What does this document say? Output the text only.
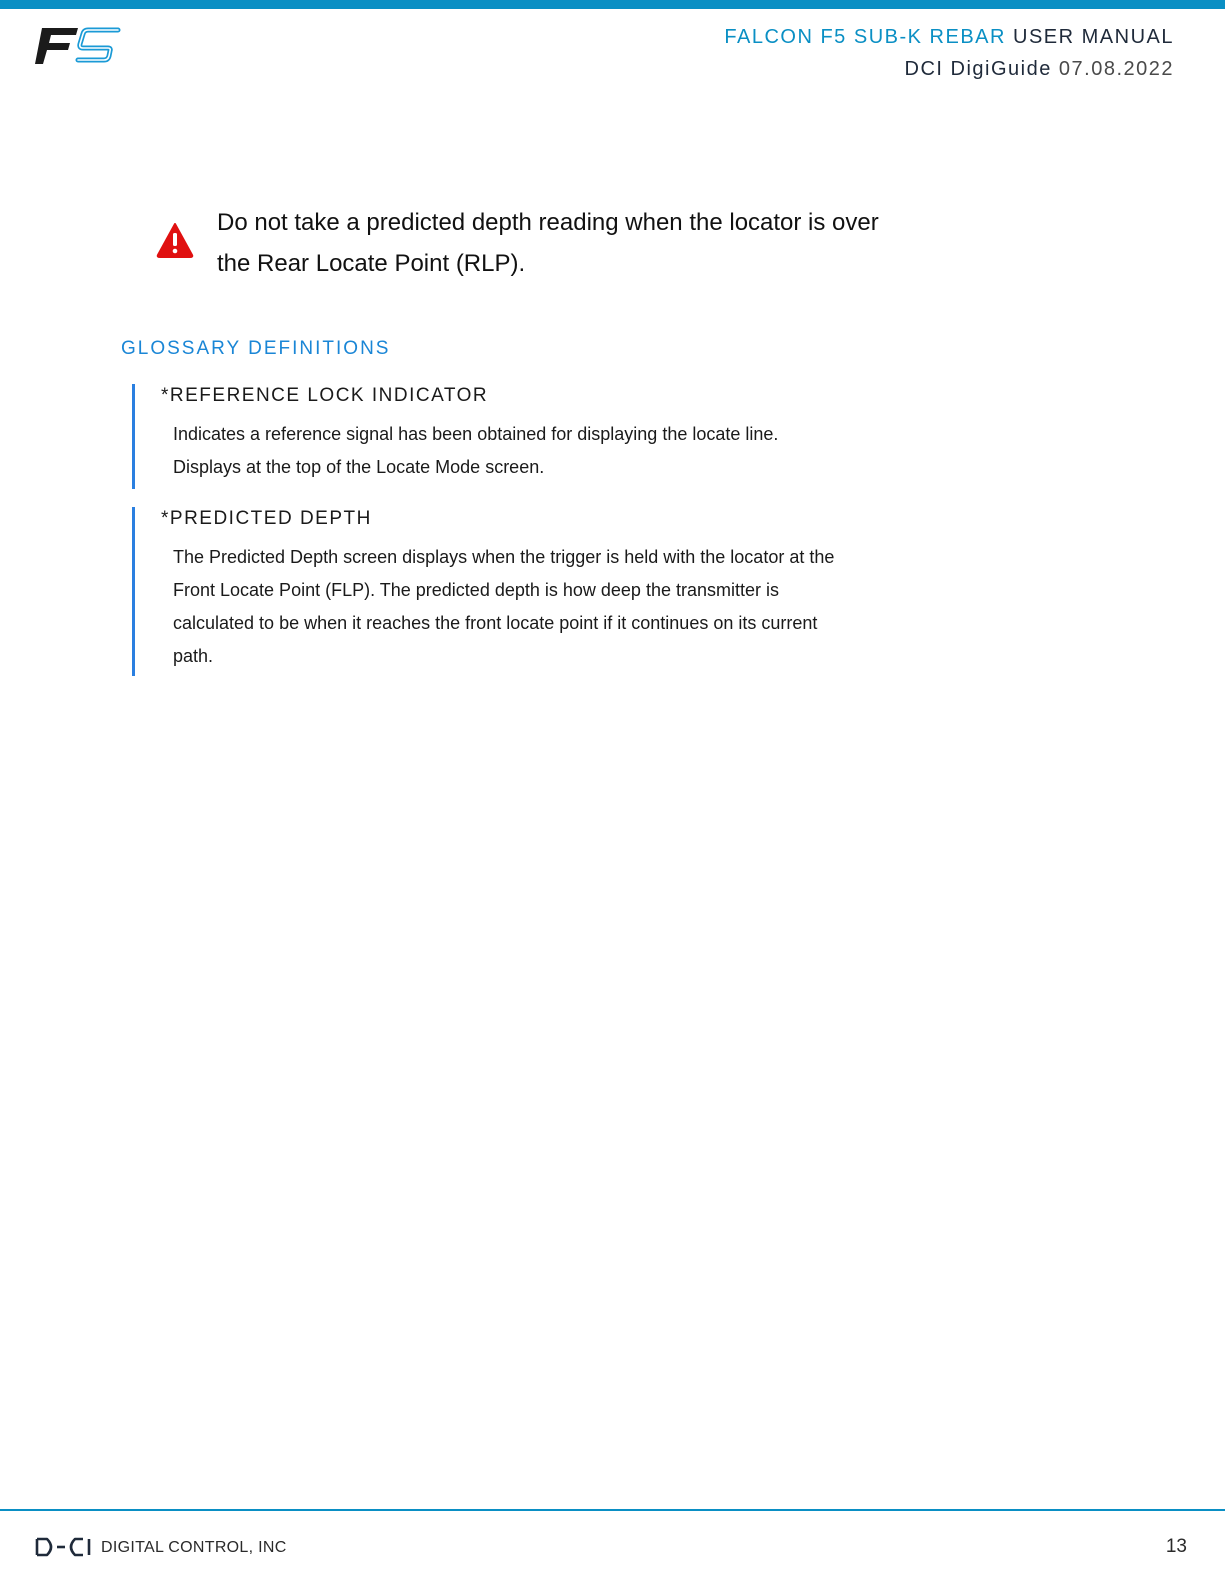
FALCON F5 SUB-K REBAR USER MANUAL
DCI DigiGuide 07.08.2022
Do not take a predicted depth reading when the locator is over
the Rear Locate Point (RLP).
GLOSSARY DEFINITIONS
*REFERENCE LOCK INDICATOR
Indicates a reference signal has been obtained for displaying the locate line.
Displays at the top of the Locate Mode screen.
*PREDICTED DEPTH
The Predicted Depth screen displays when the trigger is held with the locator at the
Front Locate Point (FLP). The predicted depth is how deep the transmitter is
calculated to be when it reaches the front locate point if it continues on its current
path.
DIGITAL CONTROL, INC	13
